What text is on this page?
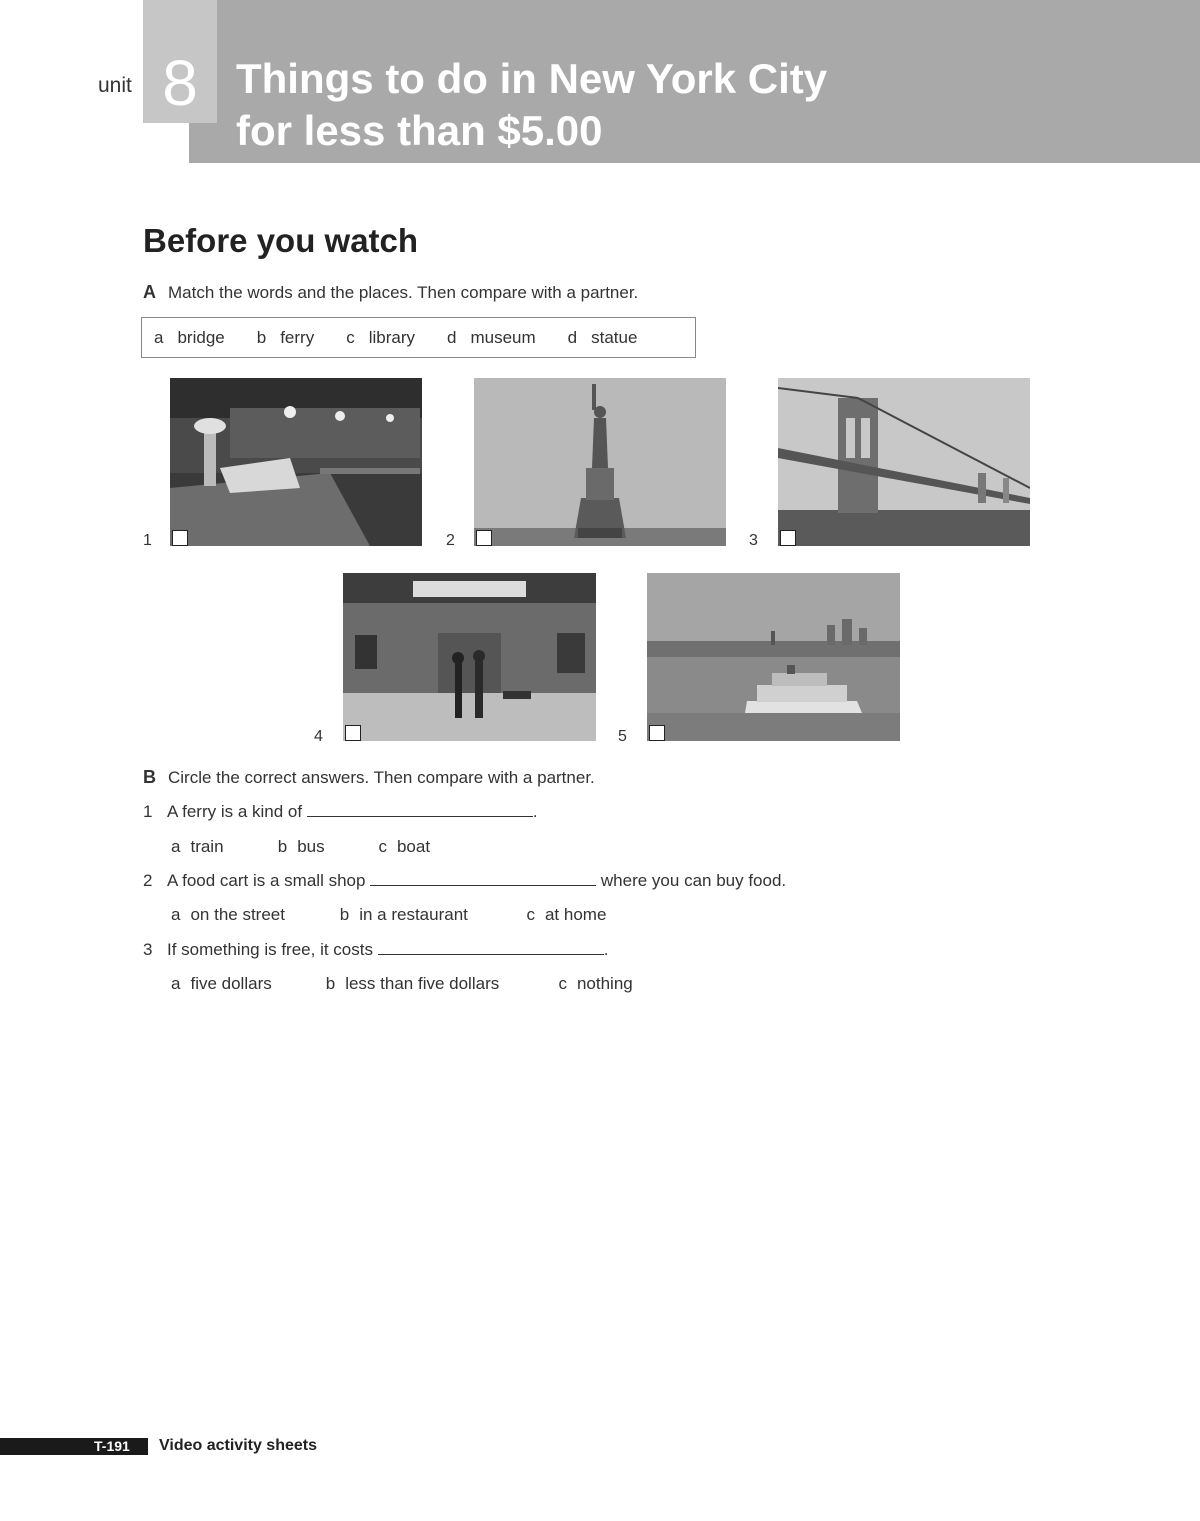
unit 8 Things to do in New York City
for less than $5.00
Before you watch
A Match the words and the places. Then compare with a partner.
a bridge b ferry c library d museum d statue
1	2	3
4	5
B Circle the correct answers. Then compare with a partner.
1 A ferry is a kind of	.
a train	b bus	c boat
2 A food cart is a small shop	where you can buy food.
a on the street	b in a restaurant	c at home
3 If something is free, it costs	.
a five dollars	b less than five dollars	c nothing
T-191 Video activity sheets
